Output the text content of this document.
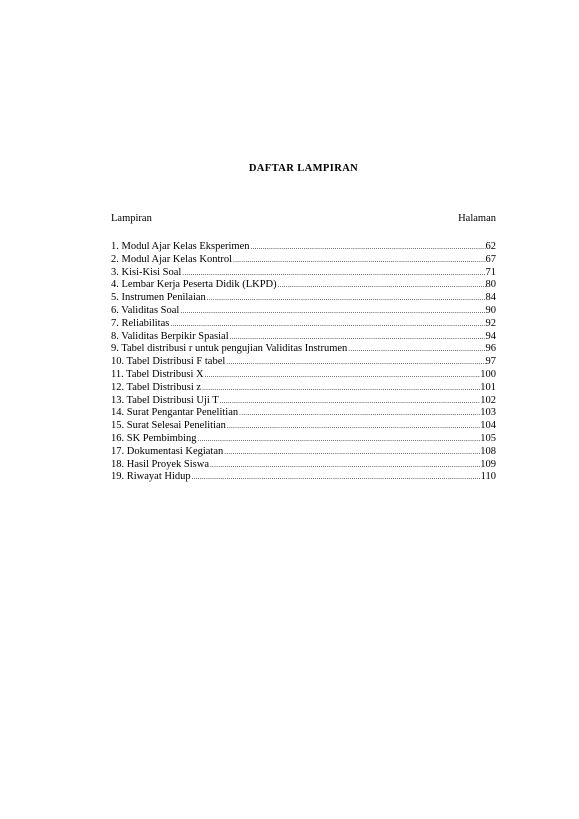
DAFTAR LAMPIRAN
Lampiran	Halaman
1. Modul Ajar Kelas Eksperimen .....	62
2. Modul Ajar Kelas Kontrol .....	67
3. Kisi-Kisi Soal .....	71
4. Lembar Kerja Peserta Didik (LKPD) .....	80
5. Instrumen Penilaian .....	84
6. Validitas Soal .....	90
7. Reliabilitas .....	92
8. Validitas Berpikir Spasial .....	94
9. Tabel distribusi r untuk pengujian Validitas Instrumen .....	96
10. Tabel Distribusi F tabel .....	97
11. Tabel Distribusi X .....	100
12. Tabel Distribusi z .....	101
13. Tabel Distribusi Uji T .....	102
14. Surat Pengantar Penelitian .....	103
15. Surat Selesai Penelitian .....	104
16. SK Pembimbing .....	105
17. Dokumentasi Kegiatan .....	108
18. Hasil Proyek Siswa .....	109
19. Riwayat Hidup .....	110
